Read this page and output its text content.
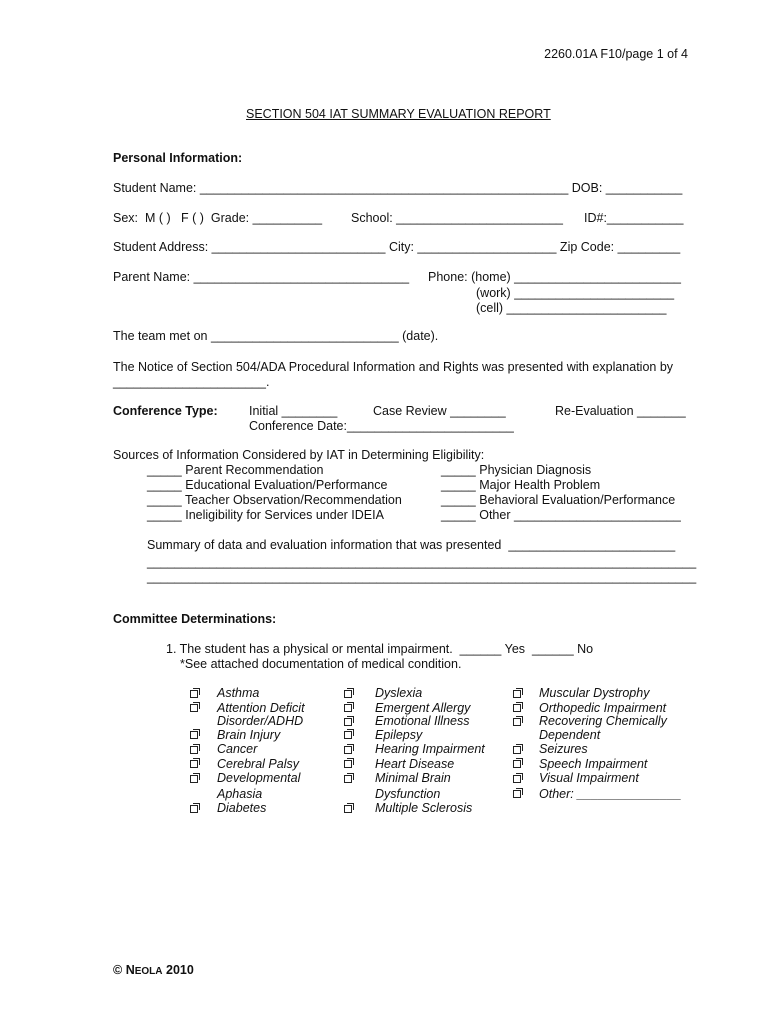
2260.01A F10/page 1 of 4
SECTION 504 IAT SUMMARY EVALUATION REPORT
Personal Information:
Student Name: _____________________________________________________ DOB: ___________
Sex:  M ( )   F ( )  Grade: __________ School: ________________________ ID#:___________
Student Address: _________________________ City: ____________________ Zip Code: _________
Parent Name: _______________________________ Phone: (home) ________________________
(work) _______________________
(cell) _______________________
The team met on ___________________________ (date).
The Notice of Section 504/ADA Procedural Information and Rights was presented with explanation by
______________________.
Conference Type:	Initial ________	Case Review ________	Re-Evaluation _______
Conference Date:________________________
Sources of Information Considered by IAT in Determining Eligibility:
_____ Parent Recommendation
_____ Educational Evaluation/Performance
_____ Teacher Observation/Recommendation
_____ Ineligibility for Services under IDEIA
_____ Physician Diagnosis
_____ Major Health Problem
_____ Behavioral Evaluation/Performance
_____ Other ________________________
Summary of data and evaluation information that was presented  ________________________
_______________________________________________________________________________
_______________________________________________________________________________
Committee Determinations:
1. The student has a physical or mental impairment.  ______ Yes  ______ No
*See attached documentation of medical condition.
Asthma
Attention Deficit
Disorder/ADHD
Brain Injury
Cancer
Cerebral Palsy
Developmental
Aphasia
Diabetes
Dyslexia
Emergent Allergy
Emotional Illness
Epilepsy
Hearing Impairment
Heart Disease
Minimal Brain
Dysfunction
Multiple Sclerosis
Muscular Dystrophy
Orthopedic Impairment
Recovering Chemically
Dependent
Seizures
Speech Impairment
Visual Impairment
Other: _______________
© NEOLA 2010
